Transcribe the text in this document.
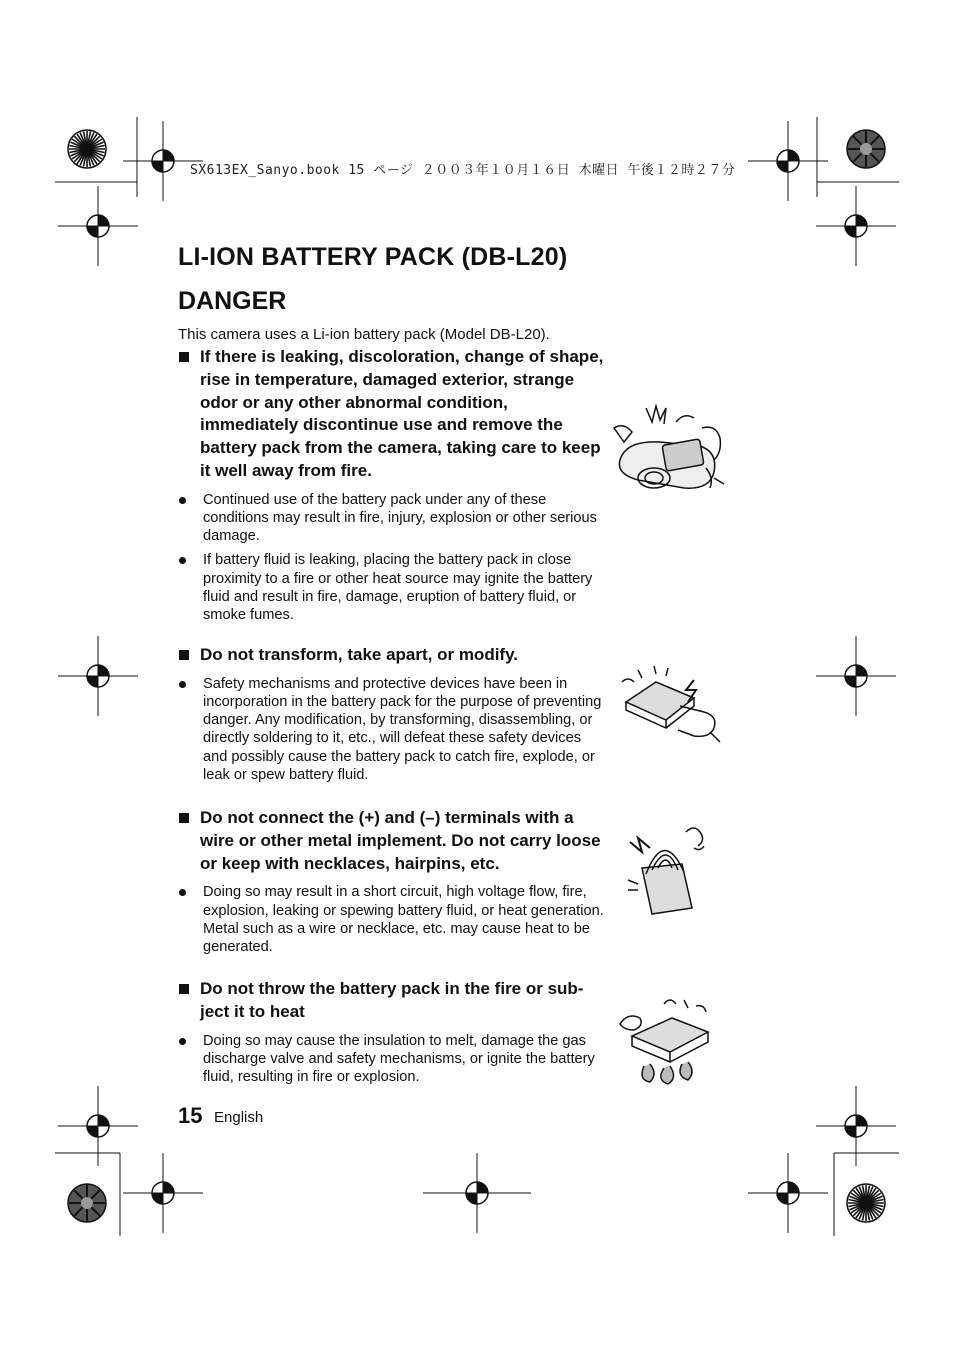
SX613EX_Sanyo.book 15 ページ ２００３年１０月１６日 木曜日 午後１２時２７分
LI-ION BATTERY PACK (DB-L20)
DANGER
This camera uses a Li-ion battery pack (Model DB-L20).
If there is leaking, discoloration, change of shape, rise in temperature, damaged exterior, strange odor or any other abnormal condition, immediately discontinue use and remove the battery pack from the camera, taking care to keep it well away from fire.
Continued use of the battery pack under any of these conditions may result in fire, injury, explosion or other serious damage.
If battery fluid is leaking, placing the battery pack in close proximity to a fire or other heat source may ignite the battery fluid and result in fire, damage, eruption of battery fluid, or smoke fumes.
Do not transform, take apart, or modify.
Safety mechanisms and protective devices have been in incorporation in the battery pack for the purpose of preventing danger. Any modification, by transforming, disassembling, or directly soldering to it, etc., will defeat these safety devices and possibly cause the battery pack to catch fire, explode, or leak or spew battery fluid.
Do not connect the (+) and (–) terminals with a wire or other metal implement. Do not carry loose or keep with necklaces, hairpins, etc.
Doing so may result in a short circuit, high voltage flow, fire, explosion, leaking or spewing battery fluid, or heat generation. Metal such as a wire or necklace, etc. may cause heat to be generated.
Do not throw the battery pack in the fire or sub-ject it to heat
Doing so may cause the insulation to melt, damage the gas discharge valve and safety mechanisms, or ignite the battery fluid, resulting in fire or explosion.
15 English
